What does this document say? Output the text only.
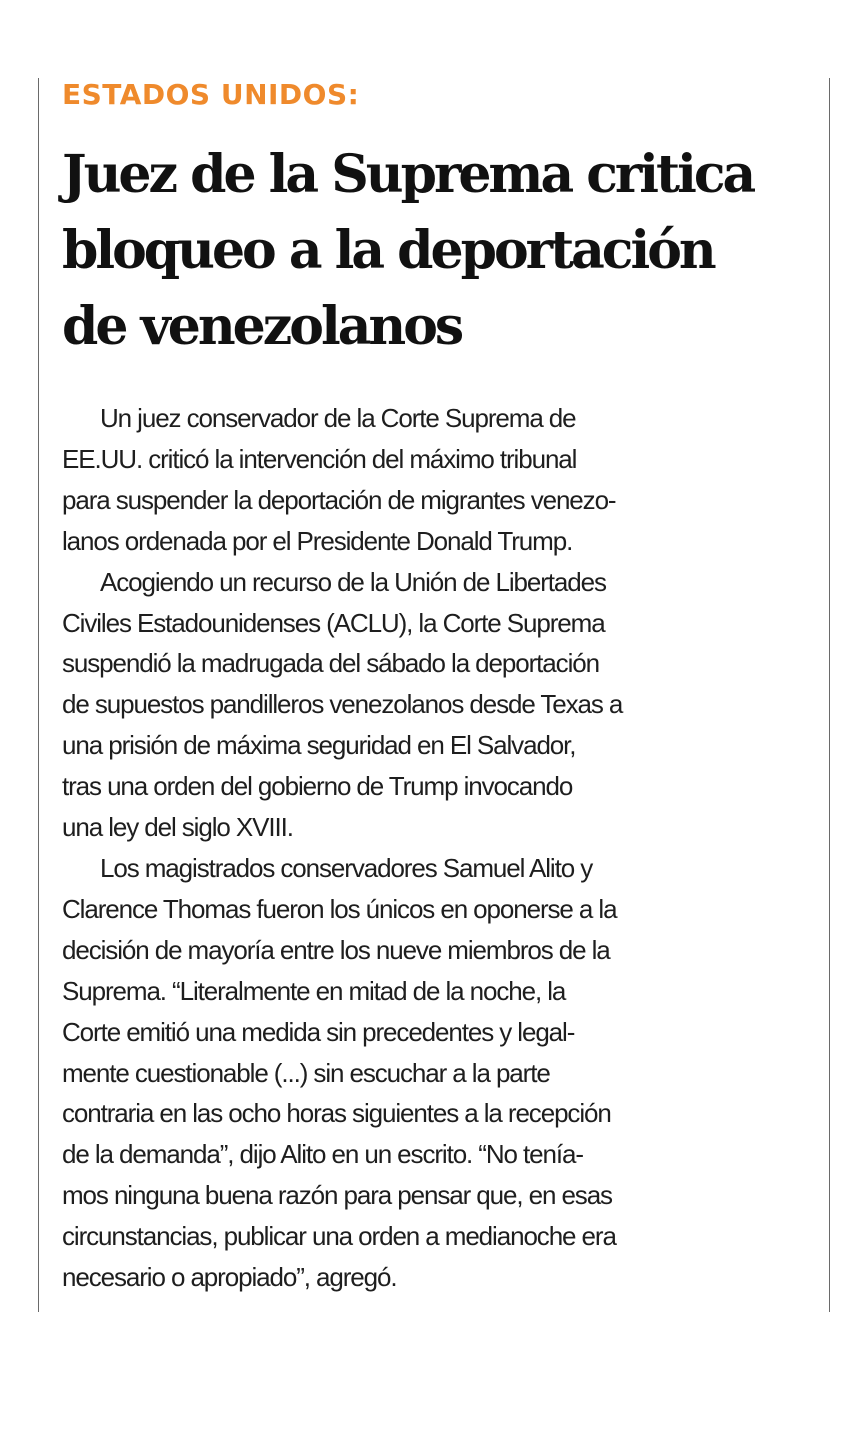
ESTADOS UNIDOS:
Juez de la Suprema critica
bloqueo a la deportación
de venezolanos

Un juez conservador de la Corte Suprema de
EE.UU. criticó la intervención del máximo tribunal
para suspender la deportación de migrantes venezo-
lanos ordenada por el Presidente Donald Trump.

Acogiendo un recurso de la Unión de Libertades
Civiles Estadounidenses (ACLU), la Corte Suprema
suspendió la madrugada del sábado la deportación
de supuestos pandilleros venezolanos desde Texas a
una prisión de máxima seguridad en El Salvador,
tras una orden del gobierno de Trump invocando
una ley del siglo XVIII.

Los magistrados conservadores Samuel Alito y
Clarence Thomas fueron los únicos en oponerse a la
decisión de mayoría entre los nueve miembros de la
Suprema. “Literalmente en mitad de la noche, la
Corte emitió una medida sin precedentes y legal-
mente cuestionable (...) sin escuchar a la parte
contraria en las ocho horas siguientes a la recepción
de la demanda”, dijo Alito en un escrito. “No tenía-
mos ninguna buena razón para pensar que, en esas
circunstancias, publicar una orden a medianoche era
necesario o apropiado”, agregó.
